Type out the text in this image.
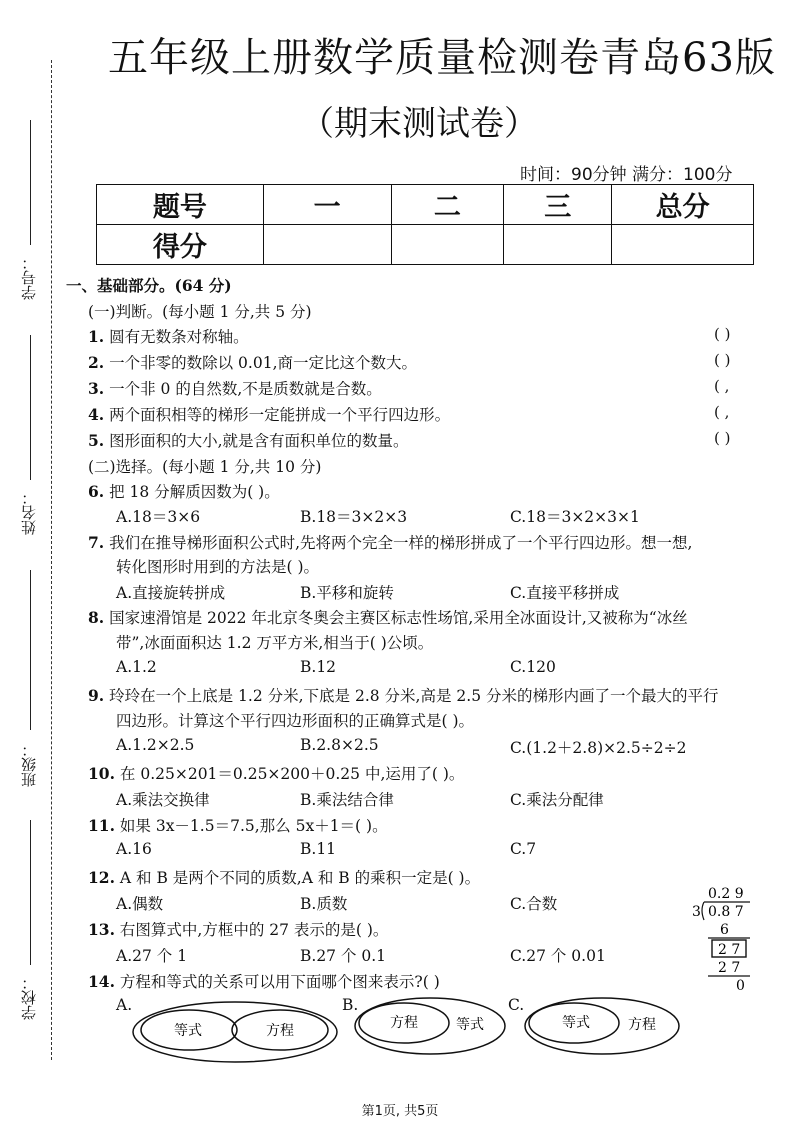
学号：
姓名：
班级：
学校：
五年级上册数学质量检测卷青岛63版
（期末测试卷）
时间：90分钟 满分：100分
题号	一	二	三	总分
得分				
一、基础部分。(64 分)
(一)判断。(每小题 1 分,共 5 分)
1. 圆有无数条对称轴。	( )
2. 一个非零的数除以 0.01,商一定比这个数大。	( )
3. 一个非 0 的自然数,不是质数就是合数。	( ,
4. 两个面积相等的梯形一定能拼成一个平行四边形。	( ,
5. 图形面积的大小,就是含有面积单位的数量。	( )
(二)选择。(每小题 1 分,共 10 分)
6. 把 18 分解质因数为( )。
A.18＝3×6	B.18＝3×2×3	C.18＝3×2×3×1
7. 我们在推导梯形面积公式时,先将两个完全一样的梯形拼成了一个平行四边形。想一想,
转化图形时用到的方法是( )。
A.直接旋转拼成	B.平移和旋转	C.直接平移拼成
8. 国家速滑馆是 2022 年北京冬奥会主赛区标志性场馆,采用全冰面设计,又被称为“冰丝
带”,冰面面积达 1.2 万平方米,相当于( )公顷。
A.1.2	B.12	C.120
9. 玲玲在一个上底是 1.2 分米,下底是 2.8 分米,高是 2.5 分米的梯形内画了一个最大的平行
四边形。计算这个平行四边形面积的正确算式是( )。
A.1.2×2.5	B.2.8×2.5	C.(1.2＋2.8)×2.5÷2÷2
10. 在 0.25×201＝0.25×200＋0.25 中,运用了( )。
A.乘法交换律	B.乘法结合律	C.乘法分配律
11. 如果 3x－1.5＝7.5,那么 5x＋1＝( )。
A.16	B.11	C.7
12. A 和 B 是两个不同的质数,A 和 B 的乘积一定是( )。
A.偶数	B.质数	C.合数
13. 右图算式中,方框中的 27 表示的是( )。
A.27 个 1	B.27 个 0.1	C.27 个 0.01
0.2 9
3 0.8 7
6
2 7
2 7
0
14. 方程和等式的关系可以用下面哪个图来表示?( )
A.	B.	C.
等式	方程	方程	等式	等式	方程
第1页, 共5页
